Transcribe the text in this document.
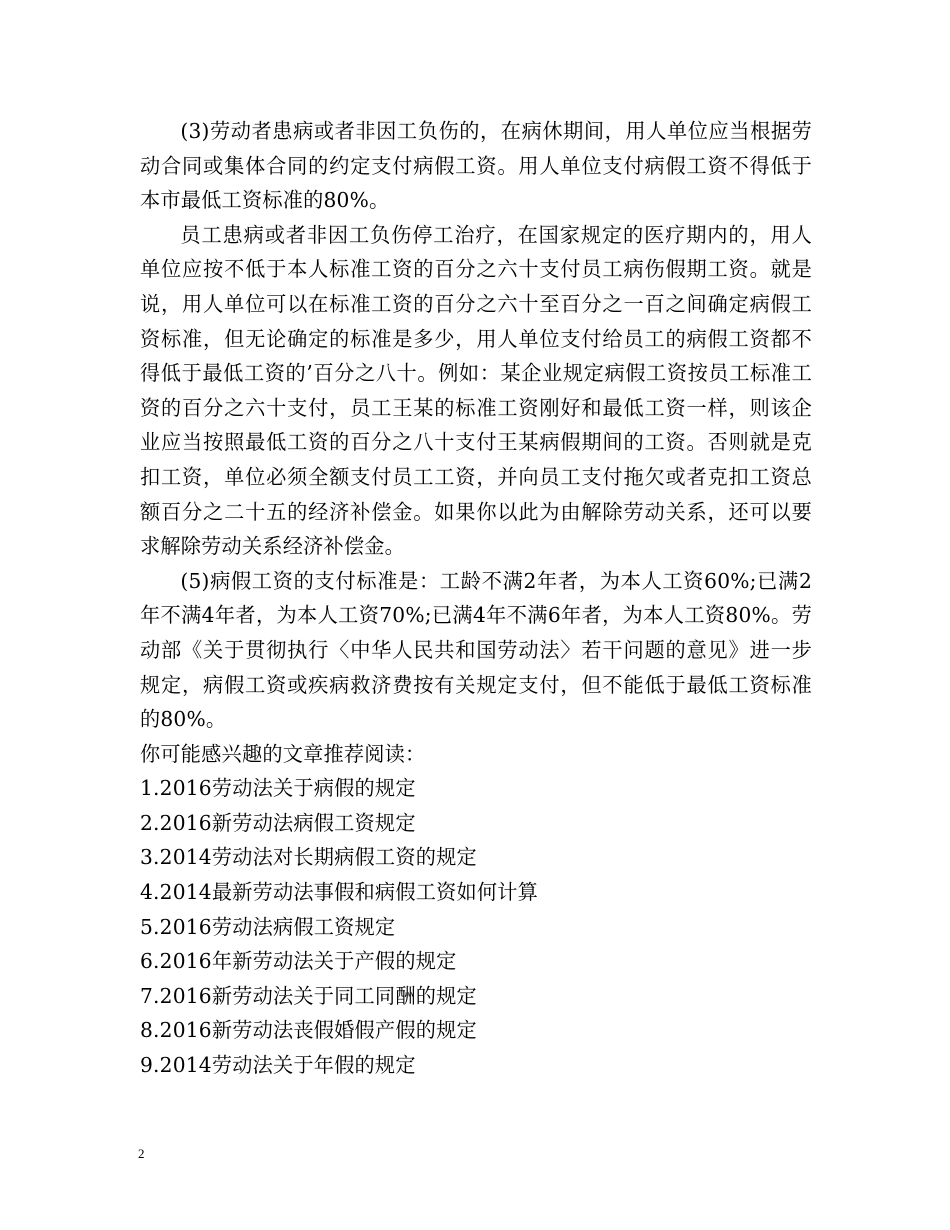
(3)劳动者患病或者非因工负伤的，在病休期间，用人单位应当根据劳动合同或集体合同的约定支付病假工资。用人单位支付病假工资不得低于本市最低工资标准的80%。

员工患病或者非因工负伤停工治疗，在国家规定的医疗期内的，用人单位应按不低于本人标准工资的百分之六十支付员工病伤假期工资。就是说，用人单位可以在标准工资的百分之六十至百分之一百之间确定病假工资标准，但无论确定的标准是多少，用人单位支付给员工的病假工资都不得低于最低工资的’百分之八十。例如：某企业规定病假工资按员工标准工资的百分之六十支付，员工王某的标准工资刚好和最低工资一样，则该企业应当按照最低工资的百分之八十支付王某病假期间的工资。否则就是克扣工资，单位必须全额支付员工工资，并向员工支付拖欠或者克扣工资总额百分之二十五的经济补偿金。如果你以此为由解除劳动关系，还可以要求解除劳动关系经济补偿金。

(5)病假工资的支付标准是：工龄不满2年者，为本人工资60%;已满2年不满4年者，为本人工资70%;已满4年不满6年者，为本人工资80%。劳动部《关于贯彻执行〈中华人民共和国劳动法〉若干问题的意见》进一步规定，病假工资或疾病救济费按有关规定支付，但不能低于最低工资标准的80%。

你可能感兴趣的文章推荐阅读：

1.2016劳动法关于病假的规定
2.2016新劳动法病假工资规定
3.2014劳动法对长期病假工资的规定
4.2014最新劳动法事假和病假工资如何计算
5.2016劳动法病假工资规定
6.2016年新劳动法关于产假的规定
7.2016新劳动法关于同工同酬的规定
8.2016新劳动法丧假婚假产假的规定
9.2014劳动法关于年假的规定
2
